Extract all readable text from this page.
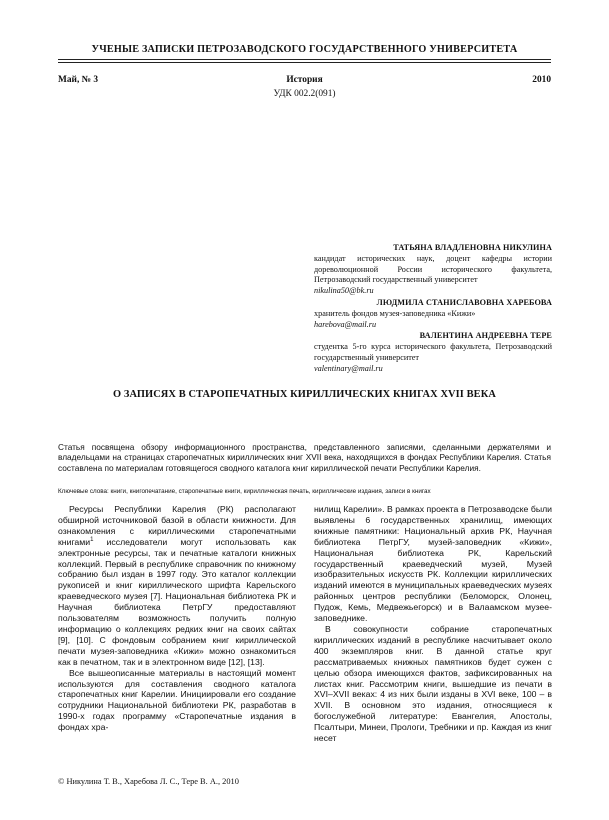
УЧЕНЫЕ ЗАПИСКИ ПЕТРОЗАВОДСКОГО ГОСУДАРСТВЕННОГО УНИВЕРСИТЕТА
Май, № 3	История	2010
УДК 002.2(091)
ТАТЬЯНА ВЛАДЛЕНОВНА НИКУЛИНА
кандидат исторических наук, доцент кафедры истории дореволюционной России исторического факультета, Петрозаводский государственный университет
nikulina50@bk.ru
ЛЮДМИЛА СТАНИСЛАВОВНА ХАРЕБОВА
хранитель фондов музея-заповедника «Кижи»
harebova@mail.ru
ВАЛЕНТИНА АНДРЕЕВНА ТЕРЕ
студентка 5-го курса исторического факультета, Петрозаводский государственный университет
valentinary@mail.ru
О ЗАПИСЯХ В СТАРОПЕЧАТНЫХ КИРИЛЛИЧЕСКИХ КНИГАХ XVII ВЕКА
Статья посвящена обзору информационного пространства, представленного записями, сделанными держателями и владельцами на страницах старопечатных кириллических книг XVII века, находящихся в фондах Республики Карелия. Статья составлена по материалам готовящегося сводного каталога книг кириллической печати Республики Карелия.
Ключевые слова: книги, книгопечатание, старопечатные книги, кириллическая печать, кириллические издания, записи в книгах

Ресурсы Республики Карелия (РК) располагают обширной источниковой базой в области книжности. Для ознакомления с кириллическими старопечатными книгами$^1$ исследователи могут использовать как электронные ресурсы, так и печатные каталоги книжных коллекций. Первый в республике справочник по книжному собранию был издан в 1997 году. Это каталог коллекции рукописей и книг кириллического шрифта Карельского краеведческого музея [7]. Национальная библиотека РК и Научная библиотека ПетрГУ предоставляют пользователям возможность получить полную информацию о коллекциях редких книг на своих сайтах [9], [10]. С фондовым собранием книг кириллической печати музея-заповедника «Кижи» можно ознакомиться как в печатном, так и в электронном виде [12], [13].

Все вышеописанные материалы в настоящий момент используются для составления сводного каталога старопечатных книг Карелии. Инициировали его создание сотрудники Национальной библиотеки РК, разработав в 1990-х годах программу «Старопечатные издания в фондах хра-

нилищ Карелии». В рамках проекта в Петрозаводске были выявлены 6 государственных хранилищ, имеющих книжные памятники: Национальный архив РК, Научная библиотека ПетрГУ, музей-заповедник «Кижи», Национальная библиотека РК, Карельский государственный краеведческий музей, Музей изобразительных искусств РК. Коллекции кириллических изданий имеются в муниципальных краеведческих музеях районных центров республики (Беломорск, Олонец, Пудож, Кемь, Медвежьегорск) и в Валаамском музее-заповеднике.

В совокупности собрание старопечатных кириллических изданий в республике насчитывает около 400 экземпляров книг. В данной статье круг рассматриваемых книжных памятников будет сужен с целью обзора имеющихся фактов, зафиксированных на листах книг. Рассмотрим книги, вышедшие из печати в XVI–XVII веках: 4 из них были изданы в XVI веке, 100 – в XVII. В основном это издания, относящиеся к богослужебной литературе: Евангелия, Апостолы, Псалтыри, Минеи, Прологи, Требники и пр. Каждая из книг несет

© Никулина Т. В., Харебова Л. С., Тере В. А., 2010
